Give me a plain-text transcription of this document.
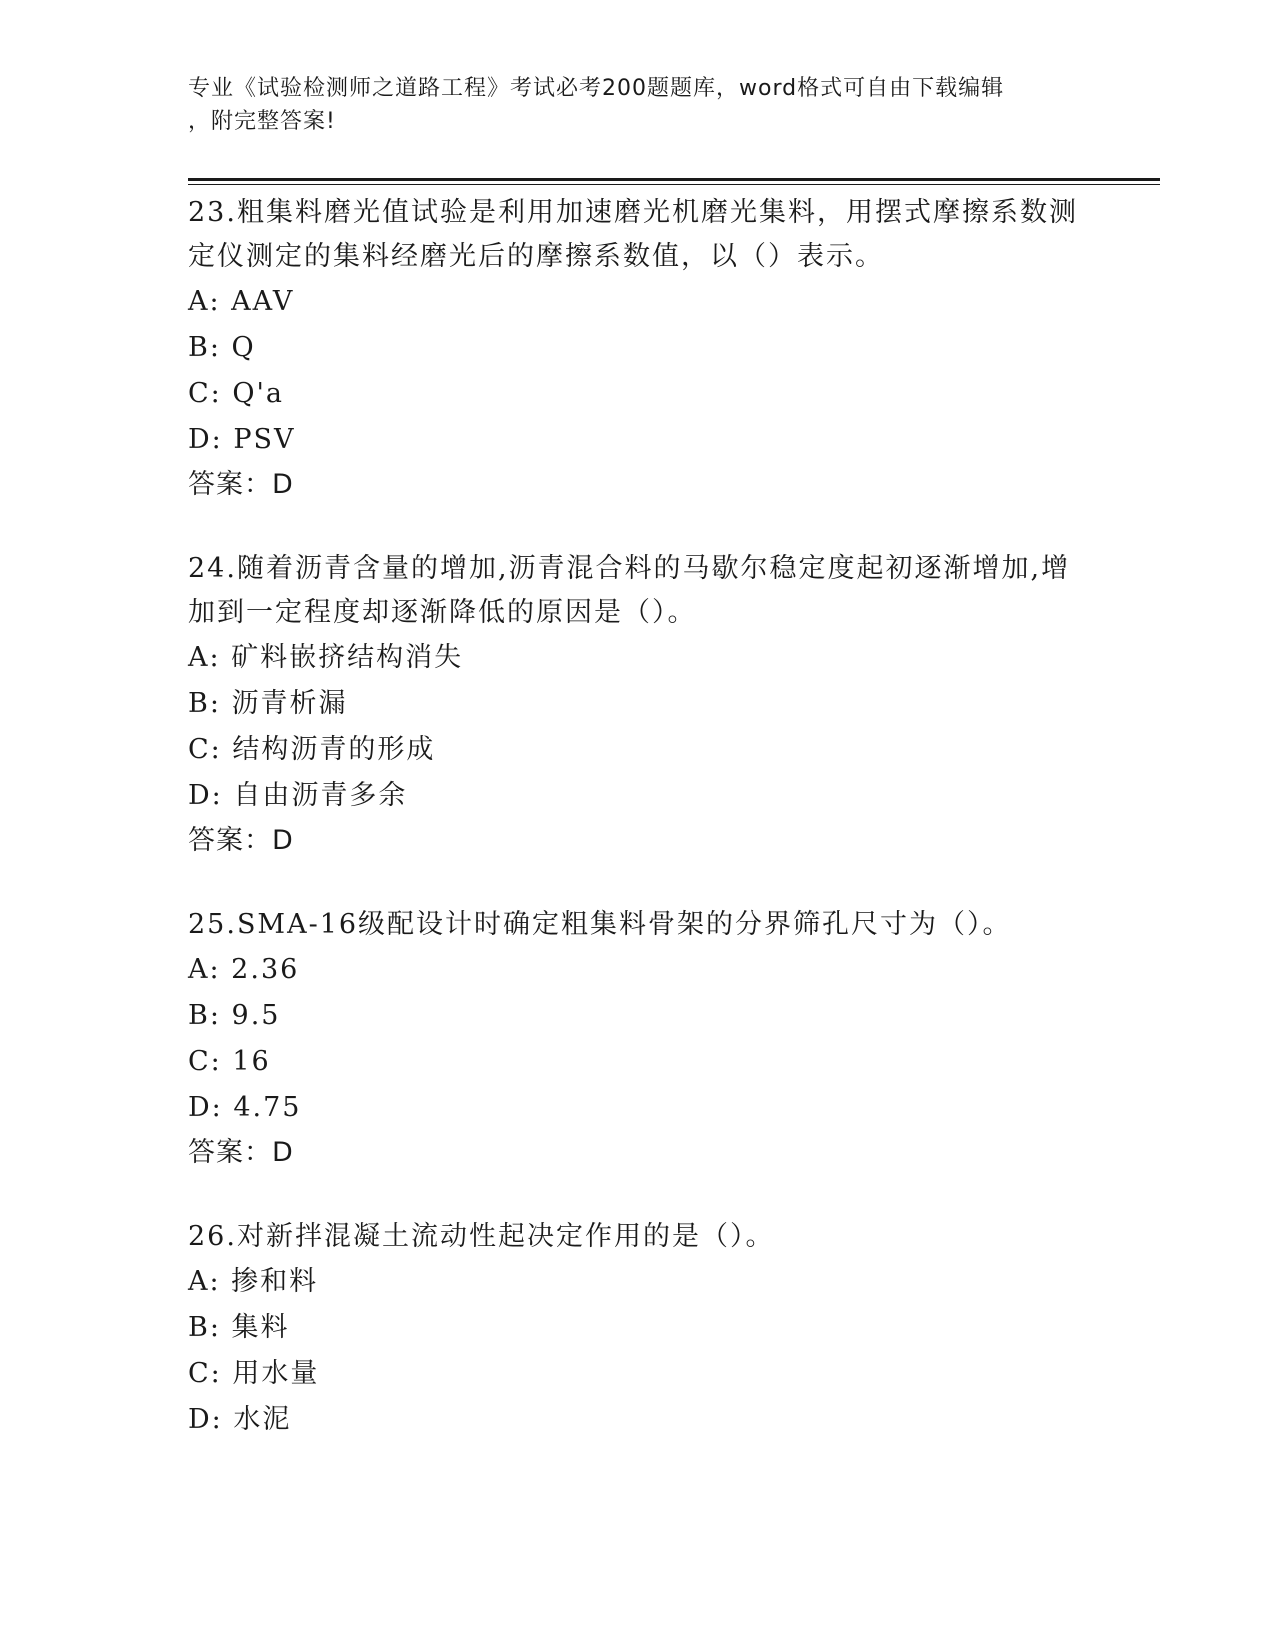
专业《试验检测师之道路工程》考试必考200题题库，word格式可自由下载编辑
，附完整答案!
23.粗集料磨光值试验是利用加速磨光机磨光集料，用摆式摩擦系数测定仪测定的集料经磨光后的摩擦系数值，以（）表示。
A: AAV
B: Q
C: Q'a
D: PSV
答案：D
24.随着沥青含量的增加,沥青混合料的马歇尔稳定度起初逐渐增加,增加到一定程度却逐渐降低的原因是（）。
A: 矿料嵌挤结构消失
B: 沥青析漏
C: 结构沥青的形成
D: 自由沥青多余
答案：D
25.SMA-16级配设计时确定粗集料骨架的分界筛孔尺寸为（）。
A: 2.36
B: 9.5
C: 16
D: 4.75
答案：D
26.对新拌混凝土流动性起决定作用的是（）。
A: 掺和料
B: 集料
C: 用水量
D: 水泥
